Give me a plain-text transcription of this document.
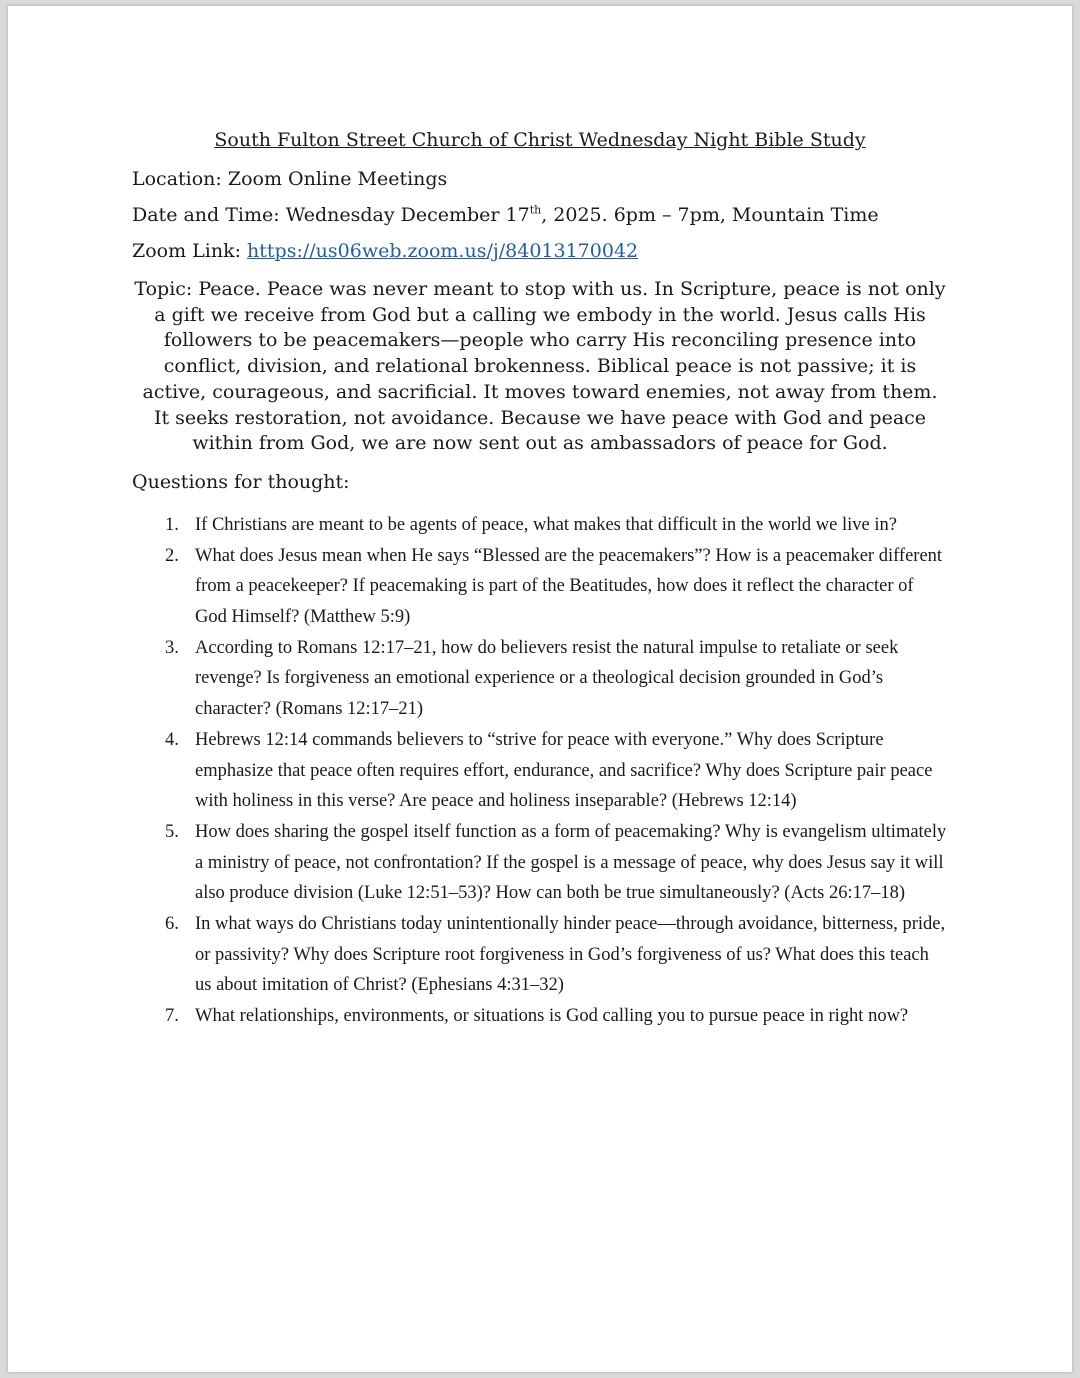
South Fulton Street Church of Christ Wednesday Night Bible Study
Location: Zoom Online Meetings
Date and Time: Wednesday December 17th, 2025. 6pm – 7pm, Mountain Time
Zoom Link: https://us06web.zoom.us/j/84013170042
Topic: Peace. Peace was never meant to stop with us. In Scripture, peace is not only a gift we receive from God but a calling we embody in the world. Jesus calls His followers to be peacemakers—people who carry His reconciling presence into conflict, division, and relational brokenness. Biblical peace is not passive; it is active, courageous, and sacrificial. It moves toward enemies, not away from them. It seeks restoration, not avoidance. Because we have peace with God and peace within from God, we are now sent out as ambassadors of peace for God.
Questions for thought:
1. If Christians are meant to be agents of peace, what makes that difficult in the world we live in?
2. What does Jesus mean when He says “Blessed are the peacemakers”? How is a peacemaker different from a peacekeeper? If peacemaking is part of the Beatitudes, how does it reflect the character of God Himself? (Matthew 5:9)
3. According to Romans 12:17–21, how do believers resist the natural impulse to retaliate or seek revenge? Is forgiveness an emotional experience or a theological decision grounded in God’s character? (Romans 12:17–21)
4. Hebrews 12:14 commands believers to “strive for peace with everyone.” Why does Scripture emphasize that peace often requires effort, endurance, and sacrifice? Why does Scripture pair peace with holiness in this verse? Are peace and holiness inseparable? (Hebrews 12:14)
5. How does sharing the gospel itself function as a form of peacemaking? Why is evangelism ultimately a ministry of peace, not confrontation? If the gospel is a message of peace, why does Jesus say it will also produce division (Luke 12:51–53)? How can both be true simultaneously? (Acts 26:17–18)
6. In what ways do Christians today unintentionally hinder peace—through avoidance, bitterness, pride, or passivity? Why does Scripture root forgiveness in God’s forgiveness of us? What does this teach us about imitation of Christ? (Ephesians 4:31–32)
7. What relationships, environments, or situations is God calling you to pursue peace in right now?
